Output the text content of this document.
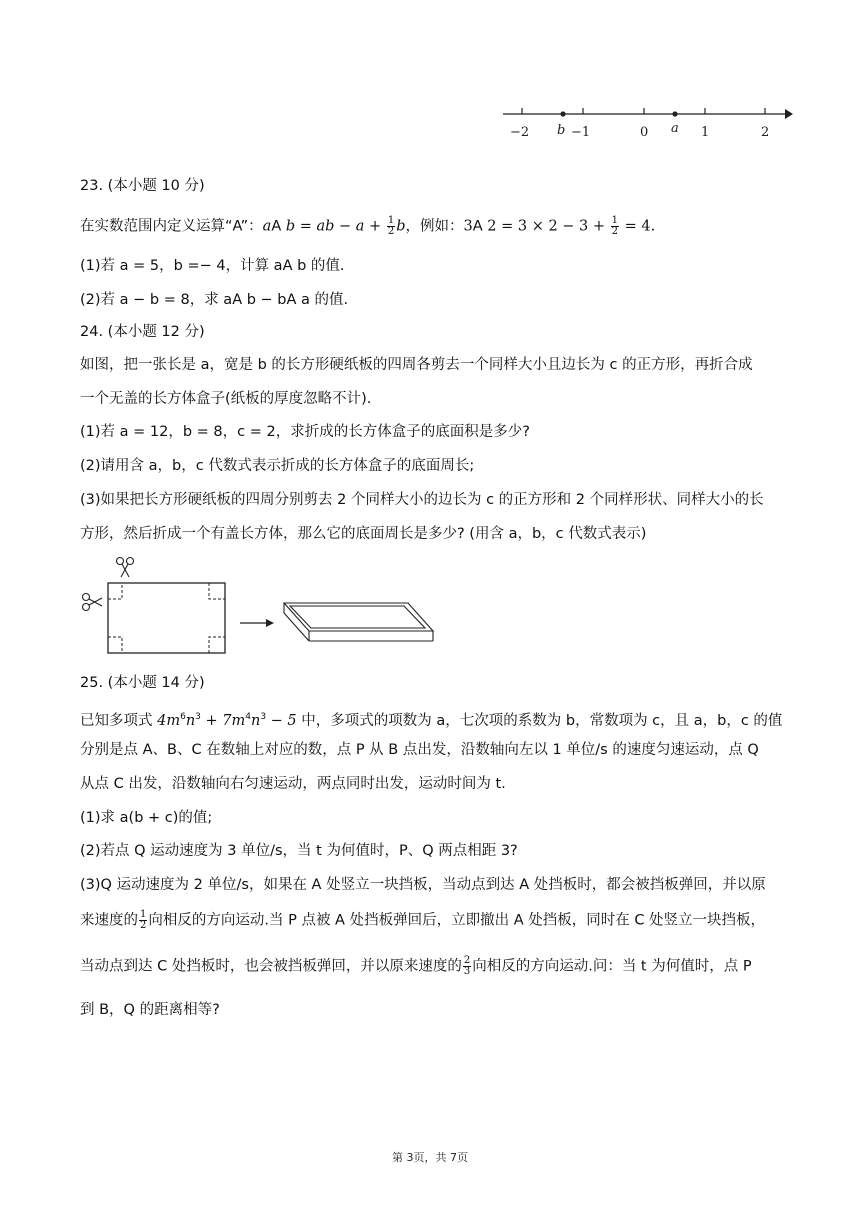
−2 b −1	0 a 1	2
23. (本小题 10 分)
在实数范围内定义运算“A”：aA b = ab − $a + \frac{1}{2}$ b，例如：3A $2 = 3 \times 2 - 3 + \frac{1}{2} = 4$.
(1)若 a = 5，b =− 4，计算 aA b 的值.
(2)若 a − b = 8，求 aA b − bA a 的值.
24. (本小题 12 分)
如图，把一张长是 a，宽是 b 的长方形硬纸板的四周各剪去一个同样大小且边长为 c 的正方形，再折合成
一个无盖的长方体盒子(纸板的厚度忽略不计).
(1)若 a = 12，b = 8，c = 2，求折成的长方体盒子的底面积是多少?
(2)请用含 a，b，c 代数式表示折成的长方体盒子的底面周长;
(3)如果把长方形硬纸板的四周分别剪去 2 个同样大小的边长为 c 的正方形和 2 个同样形状、同样大小的长
方形，然后折成一个有盖长方体，那么它的底面周长是多少? (用含 a，b，c 代数式表示)
25. (本小题 14 分)
已知多项式 $4m^6n^3 + 7m^4n^3 - 5$ 中，多项式的项数为 a，七次项的系数为 b，常数项为 c，且 a，b，c 的值
分别是点 A、B、C 在数轴上对应的数，点 P 从 B 点出发，沿数轴向左以 1 单位/s 的速度匀速运动，点 Q
从点 C 出发，沿数轴向右匀速运动，两点同时出发，运动时间为 t.
(1)求 a(b + c)的值;
(2)若点 Q 运动速度为 3 单位/s，当 t 为何值时，P、Q 两点相距 3?
(3)Q 运动速度为 2 单位/s，如果在 A 处竖立一块挡板，当动点到达 A 处挡板时，都会被挡板弹回，并以原
来速度的 $\frac{1}{2}$ 向相反的方向运动.当 P 点被 A 处挡板弹回后，立即撤出 A 处挡板，同时在 C 处竖立一块挡板，
当动点到达 C 处挡板时，也会被挡板弹回，并以原来速度的 $\frac{2}{3}$ 向相反的方向运动.问：当 t 为何值时，点 P
到 B，Q 的距离相等?
第 3页，共 7页
